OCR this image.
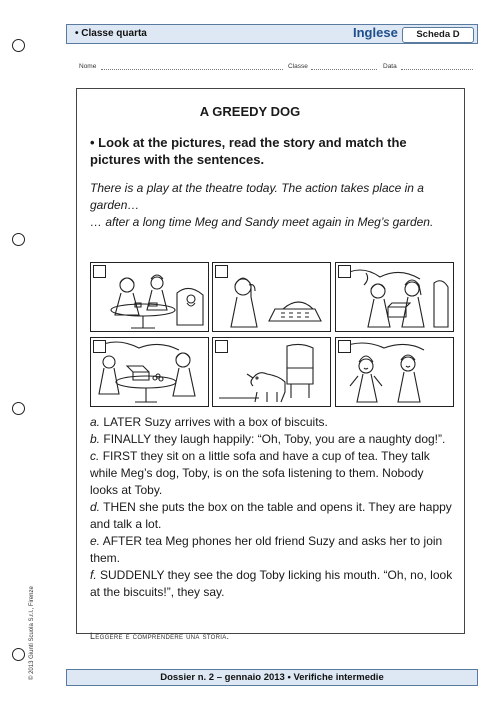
© 2013 Giunti Scuola S.r.l., Firenze
• Classe quarta	Inglese	Scheda D
Nome	Classe	Data
A GREEDY DOG
• Look at the pictures, read the story and match the pictures with the sentences.

There is a play at the theatre today. The action takes place in a garden…

… after a long time Meg and Sandy meet again in Meg’s garden.

a. LATER Suzy arrives with a box of biscuits.

b. FINALLY they laugh happily: “Oh, Toby, you are a naughty dog!”.

c. FIRST they sit on a little sofa and have a cup of tea. They talk while Meg’s dog, Toby, is on the sofa listening to them. Nobody looks at Toby.

d. THEN she puts the box on the table and opens it. They are happy and talk a lot.

e. AFTER tea Meg phones her old friend Suzy and asks her to join them.

f. SUDDENLY they see the dog Toby licking his mouth. “Oh, no, look at the biscuits!”, they say.

Leggere e comprendere una storia.
Dossier n. 2 – gennaio 2013 • Verifiche intermedie
